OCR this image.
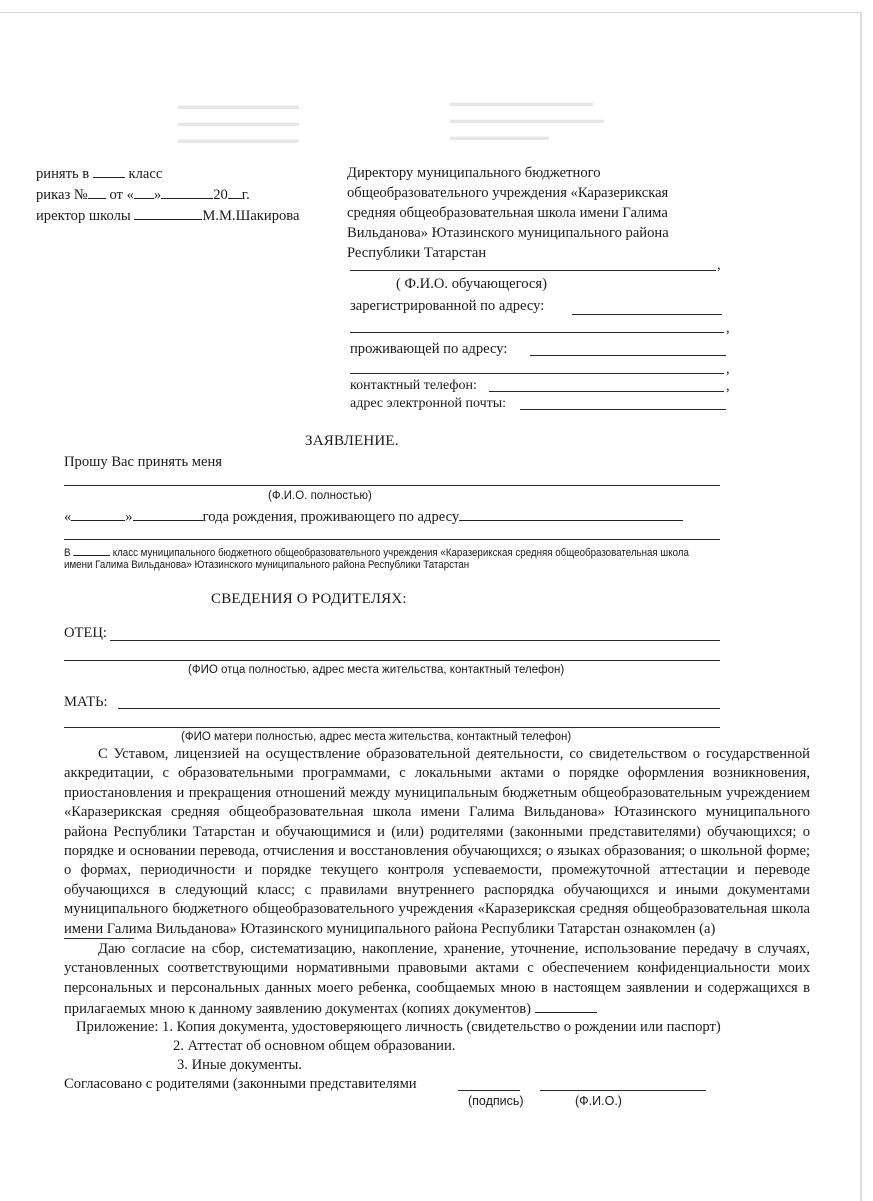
▬▬▬▬▬▬▬▬▬▬▬▬▬
▬▬▬▬▬▬▬▬▬▬▬▬▬▬
▬▬▬▬▬▬▬▬▬
▬▬▬▬▬▬▬▬▬▬▬
▬▬▬▬▬▬▬▬▬▬▬
▬▬▬▬▬▬▬▬▬▬▬
ринять в	класс
риказ № от « »	20 г.
иректор школы	М.М.Шакирова
Директору муниципального бюджетного
общеобразовательного учреждения «Каразерикская
средняя общеобразовательная школа имени Галима
Вильданова» Ютазинского муниципального района
Республики Татарстан
,
( Ф.И.О. обучающегося)
зарегистрированной по адресу:
,
проживающей по адресу:
,
контактный телефон:	,
адрес электронной почты:
ЗАЯВЛЕНИЕ.
Прошу Вас принять меня
(Ф.И.О. полностью)
«	»	года рождения, проживающего по адресу
В	класс муниципального бюджетного общеобразовательного учреждения «Каразерикская средняя общеобразовательная школа
имени Галима Вильданова» Ютазинского муниципального района Республики Татарстан
СВЕДЕНИЯ О РОДИТЕЛЯХ:
ОТЕЦ:
(ФИО отца полностью, адрес места жительства, контактный телефон)
МАТЬ:
(ФИО матери полностью, адрес места жительства, контактный телефон)

С Уставом, лицензией на осуществление образовательной деятельности, со свидетельством о государственной аккредитации, с образовательными программами, с локальными актами о порядке оформления возникновения, приостановления и прекращения отношений между муниципальным бюджетным общеобразовательным учреждением «Каразерикская средняя общеобразовательная школа имени Галима Вильданова» Ютазинского муниципального района Республики Татарстан и обучающимися и (или) родителями (законными представителями) обучающихся; о порядке и основании перевода, отчисления и восстановления обучающихся; о языках образования; о школьной форме; о формах, периодичности и порядке текущего контроля успеваемости, промежуточной аттестации и переводе обучающихся в следующий класс; с правилами внутреннего распорядка обучающихся и иными документами муниципального бюджетного общеобразовательного учреждения «Каразерикская средняя общеобразовательная школа имени Галима Вильданова» Ютазинского муниципального района Республики Татарстан ознакомлен (а)

Даю согласие на сбор, систематизацию, накопление, хранение, уточнение, использование передачу в случаях, установленных соответствующими нормативными правовыми актами с обеспечением конфиденциальности моих персональных и персональных данных моего ребенка, сообщаемых мною в настоящем заявлении и содержащихся в прилагаемых мною к данному заявлению документах (копиях документов)

Приложение: 1. Копия документа, удостоверяющего личность (свидетельство о рождении или паспорт)
2. Аттестат об основном общем образовании.
3. Иные документы.
Согласовано с родителями (законными представителями
(подпись)	(Ф.И.О.)
